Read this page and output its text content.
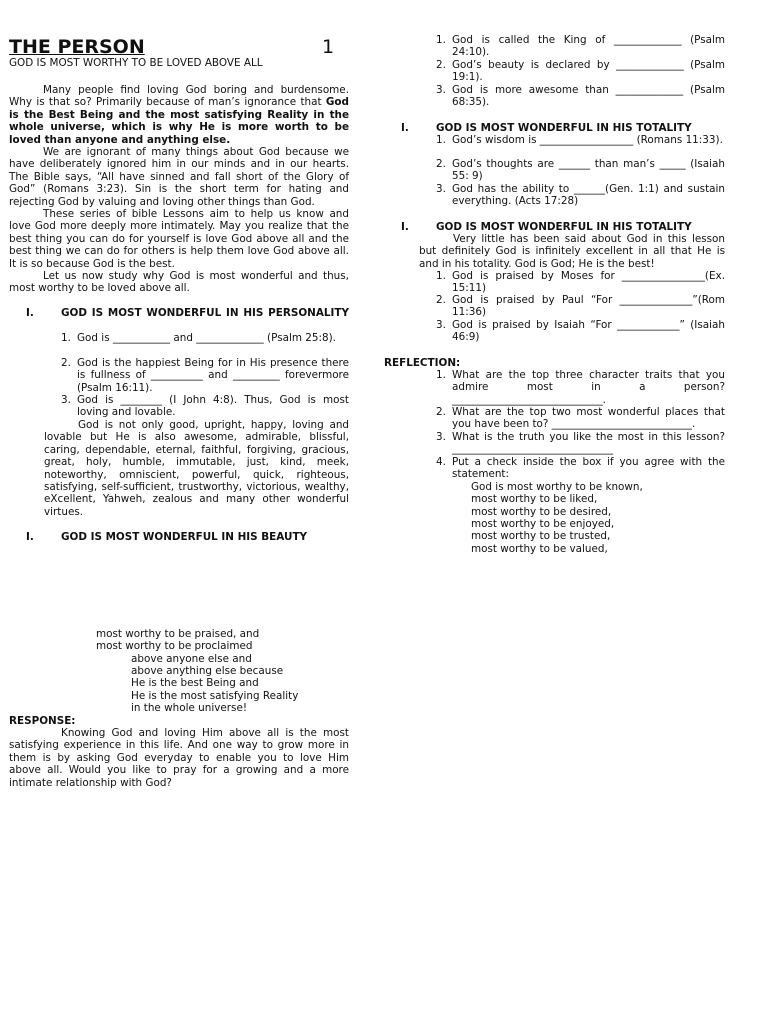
THE PERSON	1
GOD IS MOST WORTHY TO BE LOVED ABOVE ALL
Many people find loving God boring and burdensome. Why is that so? Primarily because of man’s ignorance that God is the Best Being and the most satisfying Reality in the whole universe, which is why He is more worth to be loved than anyone and anything else.
We are ignorant of many things about God because we have deliberately ignored him in our minds and in our hearts. The Bible says, “All have sinned and fall short of the Glory of God” (Romans 3:23). Sin is the short term for hating and rejecting God by valuing and loving other things than God.
These series of bible Lessons aim to help us know and love God more deeply more intimately. May you realize that the best thing you can do for yourself is love God above all and the best thing we can do for others is help them love God above all. It is so because God is the best.
Let us now study why God is most wonderful and thus, most worthy to be loved above all.
I.	GOD IS MOST WONDERFUL IN HIS PERSONALITY
1. God is ___________ and _____________ (Psalm 25:8).
2. God is the happiest Being for in His presence there is fullness of __________ and _________ forevermore (Psalm 16:11).
3. God is ________ (I John 4:8). Thus, God is most loving and lovable.
God is not only good, upright, happy, loving and lovable but He is also awesome, admirable, blissful, caring, dependable, eternal, faithful, forgiving, gracious, great, holy, humble, immutable, just, kind, meek, noteworthy, omniscient, powerful, quick, righteous, satisfying, self-sufficient, trustworthy, victorious, wealthy, eXcellent, Yahweh, zealous and many other wonderful virtues.
I.	GOD IS MOST WONDERFUL IN HIS BEAUTY
most worthy to be praised, and
most worthy to be proclaimed
above anyone else and
above anything else because
He is the best Being and
He is the most satisfying Reality
in the whole universe!
RESPONSE:
Knowing God and loving Him above all is the most satisfying experience in this life. And one way to grow more in them is by asking God everyday to enable you to love Him above all. Would you like to pray for a growing and a more intimate relationship with God?
1. God is called the King of _____________ (Psalm 24:10).
2. God’s beauty is declared by _____________ (Psalm 19:1).
3. God is more awesome than _____________ (Psalm 68:35).
I.	GOD IS MOST WONDERFUL IN HIS TOTALITY
1. God’s wisdom is __________________ (Romans 11:33).
2. God’s thoughts are ______ than man’s _____ (Isaiah 55: 9)
3. God has the ability to ______(Gen. 1:1) and sustain everything. (Acts 17:28)
I.	GOD IS MOST WONDERFUL IN HIS TOTALITY
Very little has been said about God in this lesson but definitely God is infinitely excellent in all that He is and in his totality. God is God; He is the best!
1. God is praised by Moses for ________________(Ex. 15:11)
2. God is praised by Paul “For ______________”(Rom 11:36)
3. God is praised by Isaiah “For ____________” (Isaiah 46:9)
REFLECTION:
1. What are the top three character traits that you admire most in a person? _____________________________.
2. What are the top two most wonderful places that you have been to? ___________________________.
3. What is the truth you like the most in this lesson? _______________________________
4. Put a check inside the box if you agree with the statement:
God is most worthy to be known,
most worthy to be liked,
most worthy to be desired,
most worthy to be enjoyed,
most worthy to be trusted,
most worthy to be valued,
